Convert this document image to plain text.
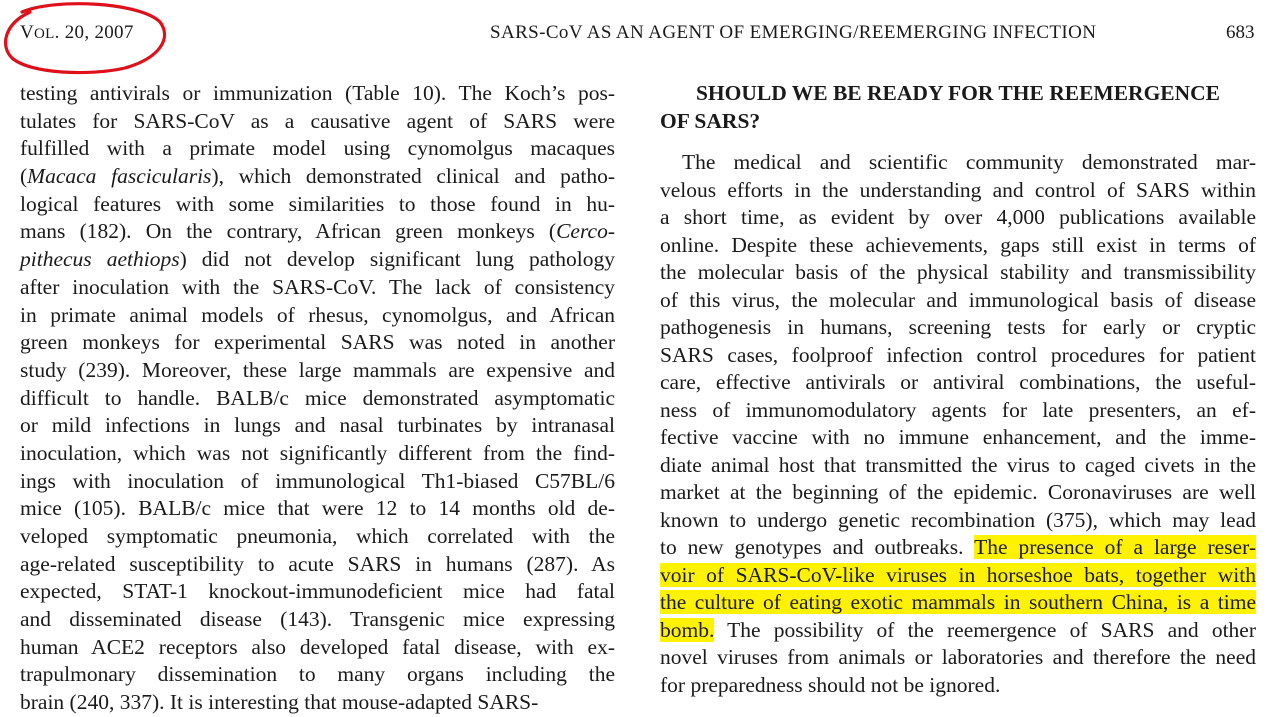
VOL. 20, 2007	SARS-CoV AS AN AGENT OF EMERGING/REEMERGING INFECTION	683
testing antivirals or immunization (Table 10). The Koch’s pos-
tulates for SARS-CoV as a causative agent of SARS were
fulfilled with a primate model using cynomolgus macaques
(Macaca fascicularis), which demonstrated clinical and patho-
logical features with some similarities to those found in hu-
mans (182). On the contrary, African green monkeys (Cerco-
pithecus aethiops) did not develop significant lung pathology
after inoculation with the SARS-CoV. The lack of consistency
in primate animal models of rhesus, cynomolgus, and African
green monkeys for experimental SARS was noted in another
study (239). Moreover, these large mammals are expensive and
difficult to handle. BALB/c mice demonstrated asymptomatic
or mild infections in lungs and nasal turbinates by intranasal
inoculation, which was not significantly different from the find-
ings with inoculation of immunological Th1-biased C57BL/6
mice (105). BALB/c mice that were 12 to 14 months old de-
veloped symptomatic pneumonia, which correlated with the
age-related susceptibility to acute SARS in humans (287). As
expected, STAT-1 knockout-immunodeficient mice had fatal
and disseminated disease (143). Transgenic mice expressing
human ACE2 receptors also developed fatal disease, with ex-
trapulmonary dissemination to many organs including the
brain (240, 337). It is interesting that mouse-adapted SARS-
SHOULD WE BE READY FOR THE REEMERGENCE
OF SARS?
The medical and scientific community demonstrated mar-
velous efforts in the understanding and control of SARS within
a short time, as evident by over 4,000 publications available
online. Despite these achievements, gaps still exist in terms of
the molecular basis of the physical stability and transmissibility
of this virus, the molecular and immunological basis of disease
pathogenesis in humans, screening tests for early or cryptic
SARS cases, foolproof infection control procedures for patient
care, effective antivirals or antiviral combinations, the useful-
ness of immunomodulatory agents for late presenters, an ef-
fective vaccine with no immune enhancement, and the imme-
diate animal host that transmitted the virus to caged civets in the
market at the beginning of the epidemic. Coronaviruses are well
known to undergo genetic recombination (375), which may lead
to new genotypes and outbreaks. The presence of a large reser-
voir of SARS-CoV-like viruses in horseshoe bats, together with
the culture of eating exotic mammals in southern China, is a time
bomb. The possibility of the reemergence of SARS and other
novel viruses from animals or laboratories and therefore the need
for preparedness should not be ignored.
